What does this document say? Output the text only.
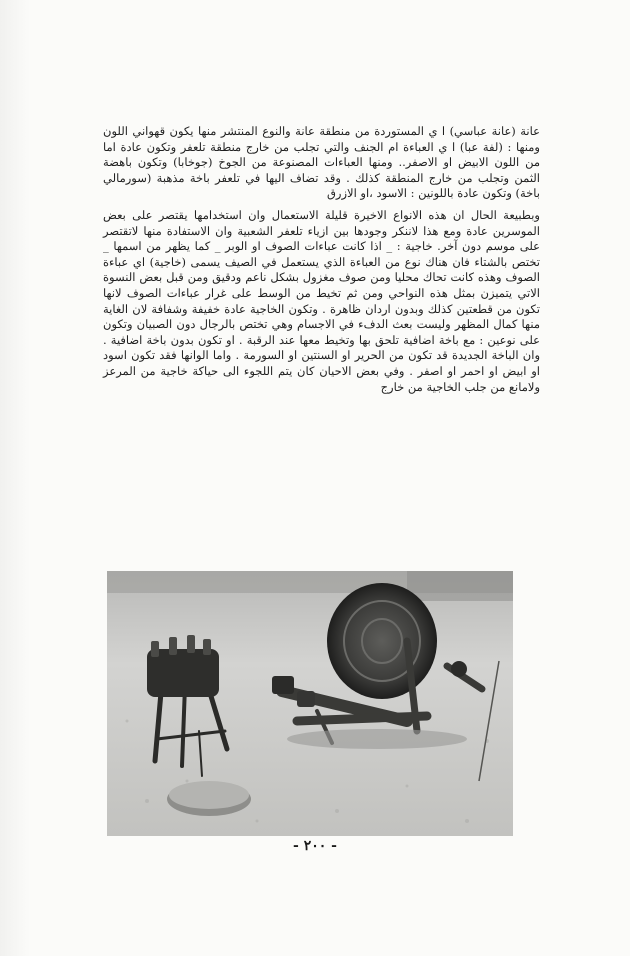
عانة (عانة عباسي) ا ي المستوردة من منطقة عانة والنوع المنتشر منها يكون قهواني اللون ومنها : (لفة عبا) ا ي العباءة ام الجنف والتي تجلب من خارج منطقة تلعفر وتكون عادة اما من اللون الابيض او الاصفر.. ومنها العباءات المصنوعة من الجوخ (جوخابا) وتكون باهضة الثمن وتجلب من خارج المنطقة كذلك . وقد تضاف اليها في تلعفر باخة مذهبة (سورمالي باخة) وتكون عادة باللونين : الاسود ،او الازرق

وبطبيعة الحال ان هذه الانواع الاخيرة قليلة الاستعمال وان استخدامها يقتصر على بعض الموسرين عادة ومع هذا لاننكر وجودها بين ازياء تلعفر الشعبية وان الاستفادة منها لاتقتصر على موسم دون آخر. خاجية : _ اذا كانت عباءات الصوف او الوبر _ كما يظهر من اسمها _ تختص بالشتاء فان هناك نوع من العباءة الذي يستعمل في الصيف يسمى (خاجية) اي عباءة الصوف وهذه كانت تحاك محليا ومن صوف مغزول بشكل ناعم ودقيق ومن قبل بعض النسوة الاتي يتميزن بمثل هذه النواحي ومن ثم تخيط من الوسط على غرار عباءات الصوف لانها تكون من قطعتين كذلك وبدون اردان ظاهرة . وتكون الخاجية عادة خفيفة وشفافة لان الغاية منها كمال المظهر وليست بعث الدفء في الاجسام وهي تختص بالرجال دون الصبيان وتكون على نوعين : مع باخة اضافية تلحق بها وتخيط معها عند الرقبة . او تكون بدون باخة اضافية . وان الباخة الجديدة قد تكون من الحرير او السنتين او السورمة . واما الوانها فقد تكون اسود او ابيض او احمر او اصفر . وفي بعض الاحيان كان يتم اللجوء الى حياكة خاجية من المرعز ولامانع من جلب الخاجية من خارج

- ٢٠٠ -
